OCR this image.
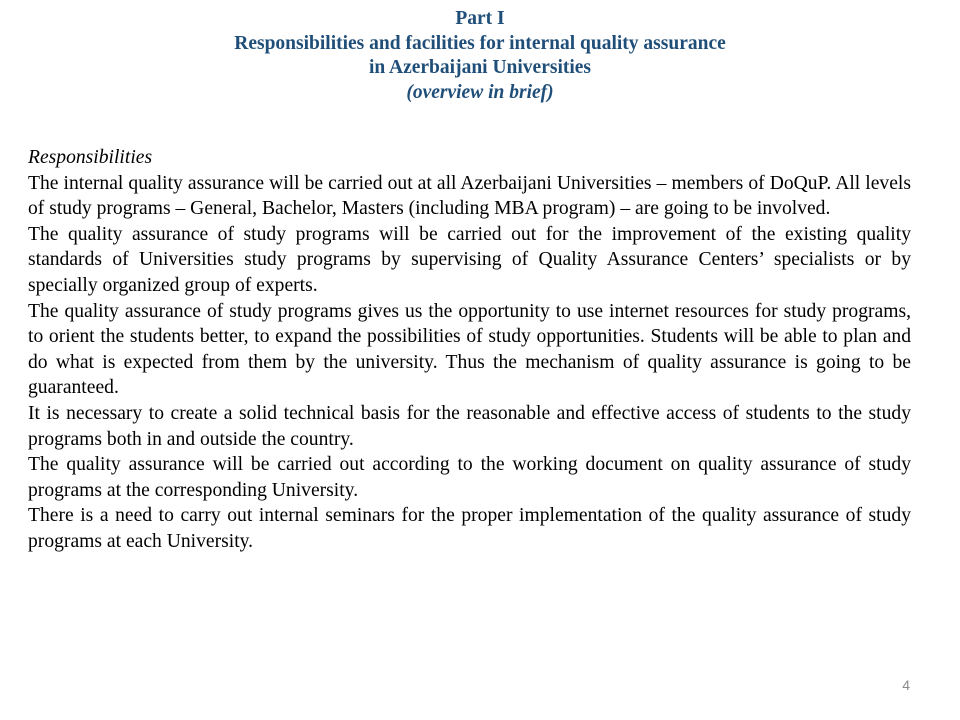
Part I
Responsibilities and facilities for internal quality assurance
in Azerbaijani Universities
(overview in brief)
Responsibilities

The internal quality assurance will be carried out at all Azerbaijani Universities – members of DoQuP. All levels of study programs – General, Bachelor, Masters (including MBA program) – are going to be involved.

The quality assurance of study programs will be carried out for the improvement of the existing quality standards of Universities study programs by supervising of Quality Assurance Centers’ specialists or by specially organized group of experts.

The quality assurance of study programs gives us the opportunity to use internet resources for study programs, to orient the students better, to expand the possibilities of study opportunities. Students will be able to plan and do what is expected from them by the university. Thus the mechanism of quality assurance is going to be guaranteed.

It is necessary to create a solid technical basis for the reasonable and effective access of students to the study programs both in and outside the country.

The quality assurance will be carried out according to the working document on quality assurance of study programs at the corresponding University.

There is a need to carry out internal seminars for the proper implementation of the quality assurance of study programs at each University.

4
